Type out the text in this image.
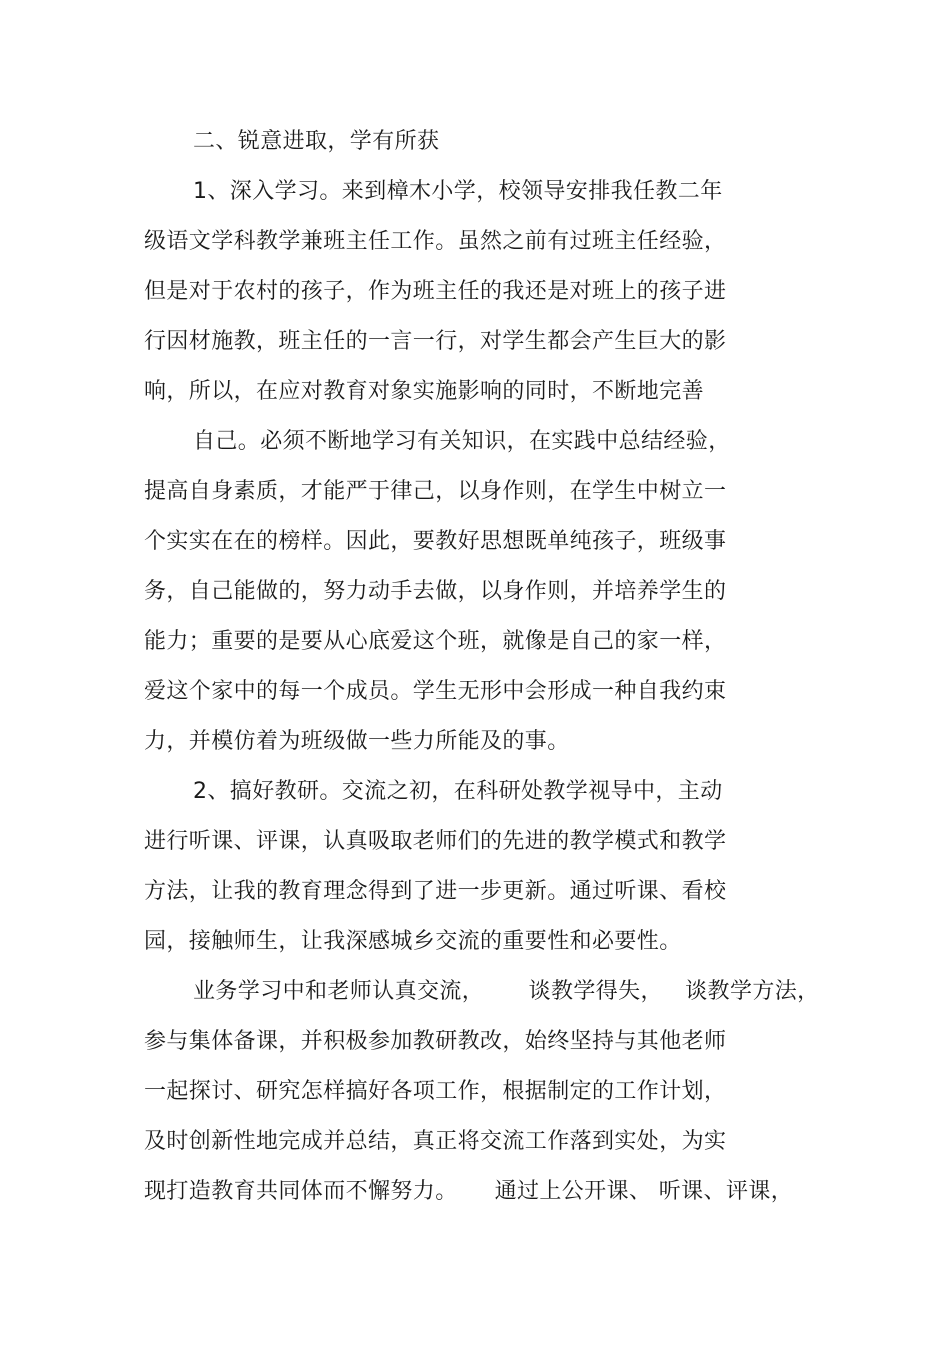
二、锐意进取，学有所获
1、深入学习。来到樟木小学，校领导安排我任教二年
级语文学科教学兼班主任工作。虽然之前有过班主任经验，
但是对于农村的孩子，作为班主任的我还是对班上的孩子进
行因材施教，班主任的一言一行，对学生都会产生巨大的影
响，所以，在应对教育对象实施影响的同时，不断地完善
自己。必须不断地学习有关知识，在实践中总结经验，
提高自身素质，才能严于律己，以身作则，在学生中树立一
个实实在在的榜样。因此，要教好思想既单纯孩子，班级事
务，自己能做的，努力动手去做，以身作则，并培养学生的
能力；重要的是要从心底爱这个班，就像是自己的家一样，
爱这个家中的每一个成员。学生无形中会形成一种自我约束
力，并模仿着为班级做一些力所能及的事。
2、搞好教研。交流之初，在科研处教学视导中，主动
进行听课、评课，认真吸取老师们的先进的教学模式和教学
方法，让我的教育理念得到了进一步更新。通过听课、看校
园，接触师生，让我深感城乡交流的重要性和必要性。
业务学习中和老师认真交流，      谈教学得失，   谈教学方法，
参与集体备课，并积极参加教研教改，始终坚持与其他老师
一起探讨、研究怎样搞好各项工作，根据制定的工作计划，
及时创新性地完成并总结，真正将交流工作落到实处，为实
现打造教育共同体而不懈努力。     通过上公开课、 听课、评课，
